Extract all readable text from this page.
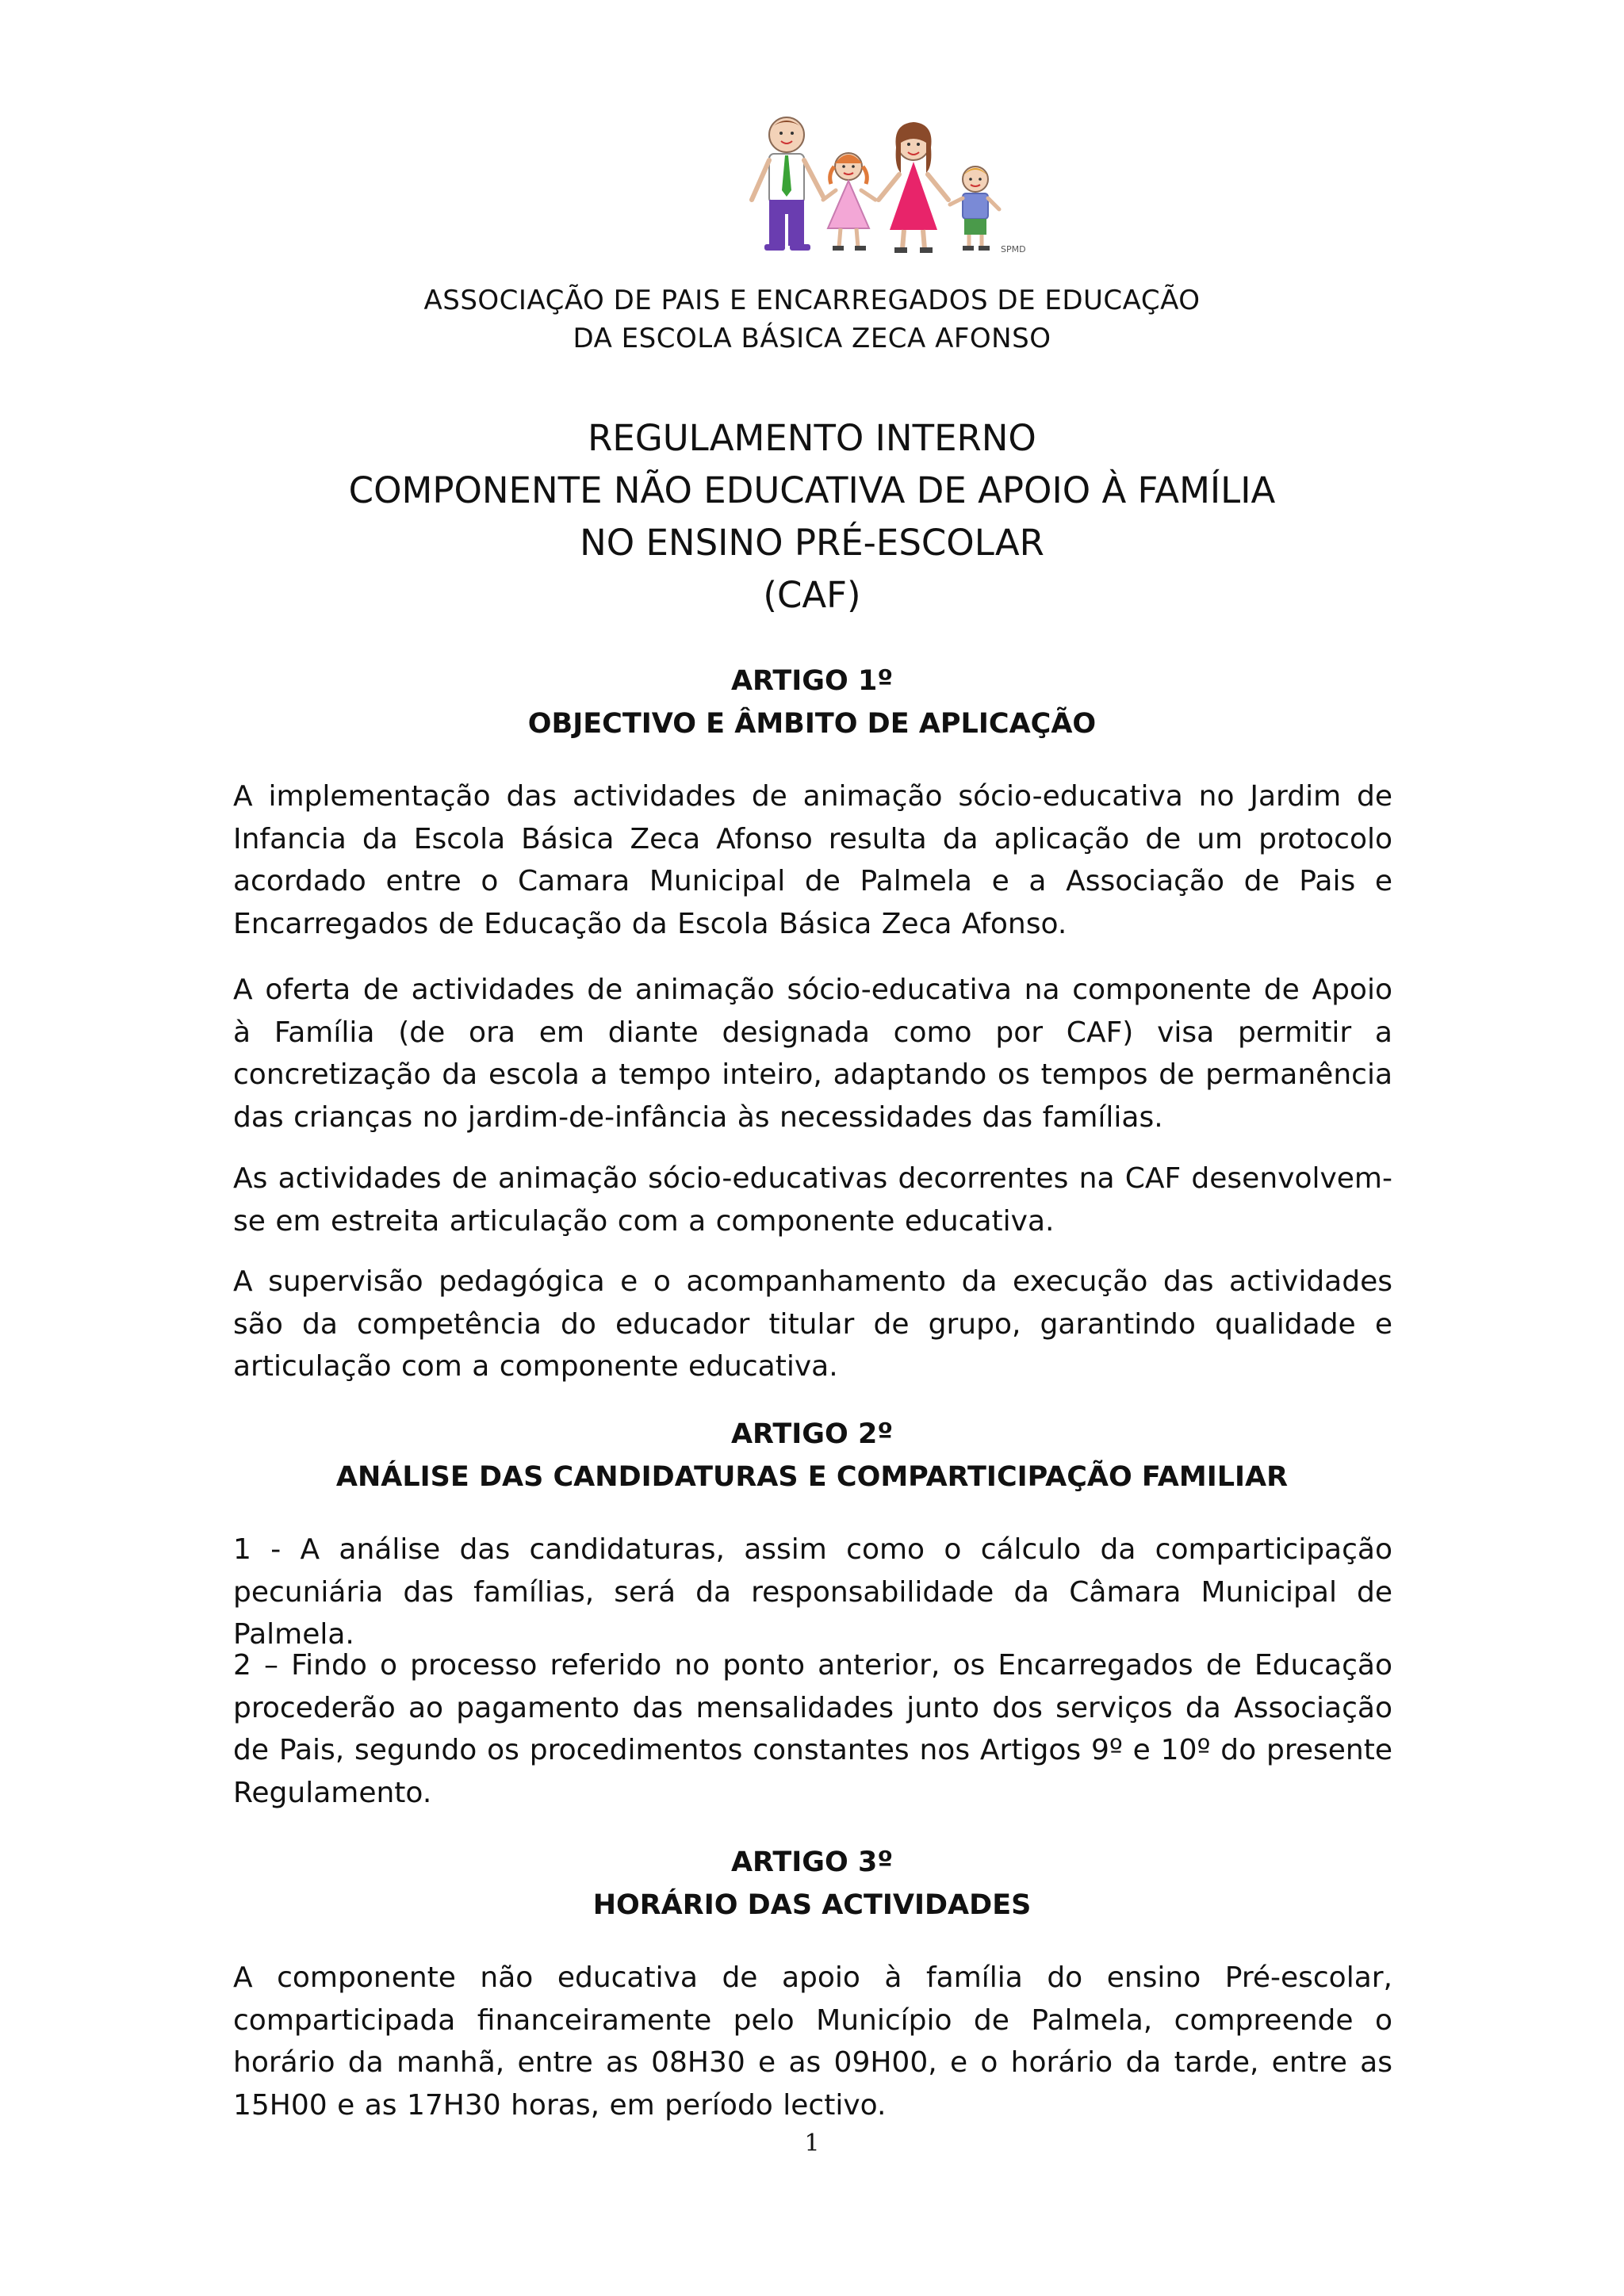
SPMD
ASSOCIAÇÃO DE PAIS E ENCARREGADOS DE EDUCAÇÃO
DA ESCOLA BÁSICA ZECA AFONSO
REGULAMENTO INTERNO
COMPONENTE NÃO EDUCATIVA DE APOIO À FAMÍLIA
NO ENSINO PRÉ-ESCOLAR
(CAF)
ARTIGO 1º
OBJECTIVO E ÂMBITO DE APLICAÇÃO
A implementação das actividades de animação sócio-educativa no Jardim de Infancia da Escola Básica Zeca Afonso resulta da aplicação de um protocolo acordado entre o Camara Municipal de Palmela e a Associação de Pais e Encarregados de Educação da Escola Básica Zeca Afonso.
A oferta de actividades de animação sócio-educativa na componente de Apoio à Família (de ora em diante designada como por CAF) visa permitir a concretização da escola a tempo inteiro, adaptando os tempos de permanência das crianças no jardim-de-infância às necessidades das famílias.
As actividades de animação sócio-educativas decorrentes na CAF desenvolvem-se em estreita articulação com a componente educativa.
A supervisão pedagógica e o acompanhamento da execução das actividades são da competência do educador titular de grupo, garantindo qualidade e articulação com a componente educativa.
ARTIGO 2º
ANÁLISE DAS CANDIDATURAS E COMPARTICIPAÇÃO FAMILIAR
1 - A análise das candidaturas, assim como o cálculo da comparticipação pecuniária das famílias, será da responsabilidade da Câmara Municipal de Palmela.
2 – Findo o processo referido no ponto anterior, os Encarregados de Educação procederão ao pagamento das mensalidades junto dos serviços da Associação de Pais, segundo os procedimentos constantes nos Artigos 9º e 10º do presente Regulamento.
ARTIGO 3º
HORÁRIO DAS ACTIVIDADES
A componente não educativa de apoio à família do ensino Pré-escolar, comparticipada financeiramente pelo Município de Palmela, compreende o horário da manhã, entre as 08H30 e as 09H00, e o horário da tarde, entre as 15H00 e as 17H30 horas, em período lectivo.
1
